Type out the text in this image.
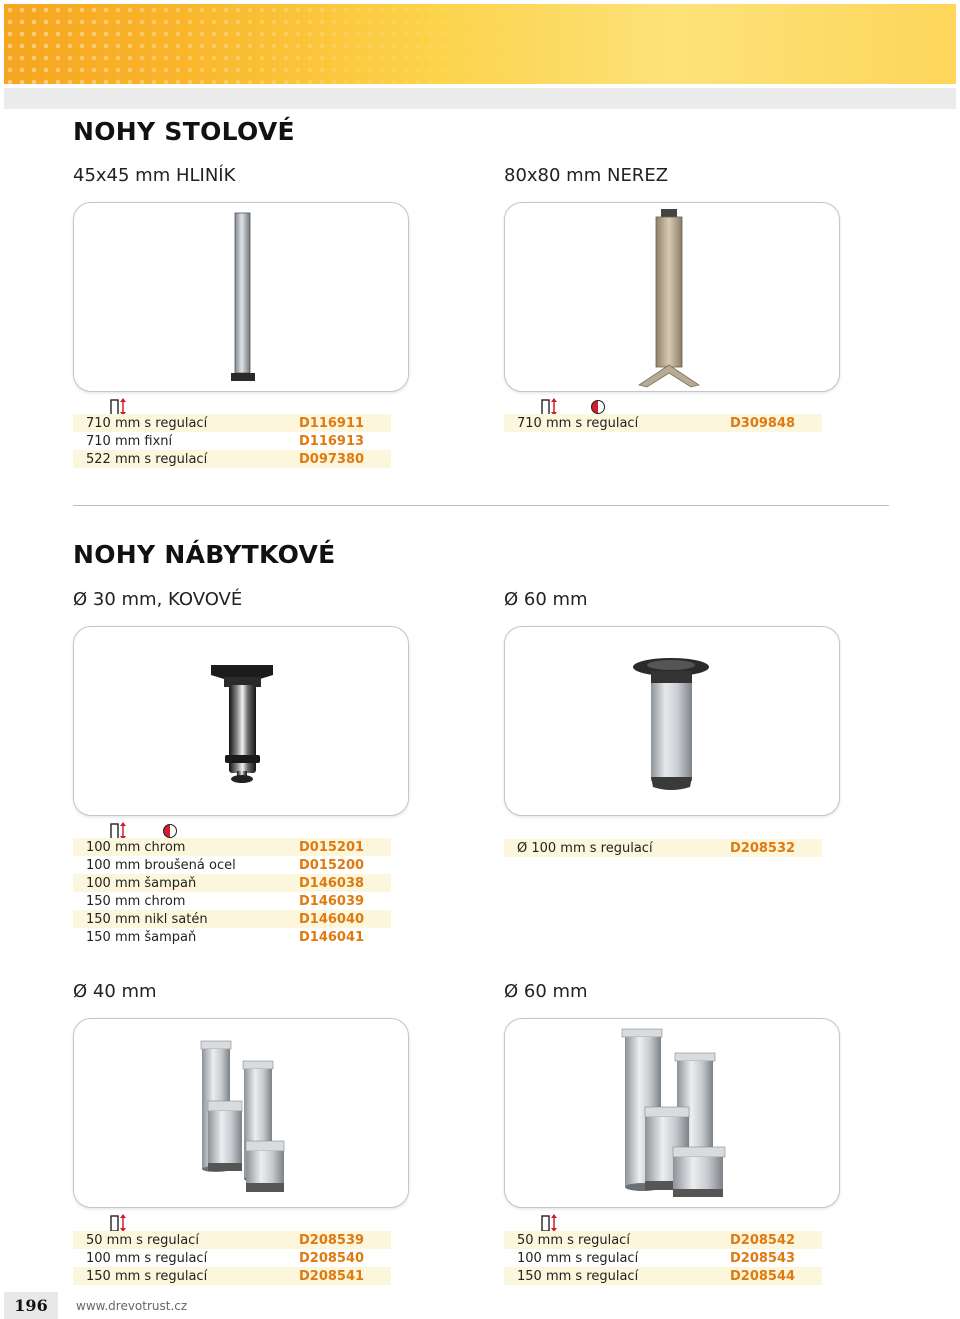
NOHY STOLOVÉ
45x45 mm HLINÍK	80x80 mm NEREZ
710 mm s regulací	D116911
710 mm fixní	D116913
522 mm s regulací	D097380
710 mm s regulací	D309848
NOHY NÁBYTKOVÉ
Ø 30 mm, KOVOVÉ	Ø 60 mm
100 mm chrom	D015201
100 mm broušená ocel	D015200
100 mm šampaň	D146038
150 mm chrom	D146039
150 mm nikl satén	D146040
150 mm šampaň	D146041
Ø 100 mm s regulací	D208532
Ø 40 mm	Ø 60 mm
50 mm s regulací	D208539
100 mm s regulací	D208540
150 mm s regulací	D208541
50 mm s regulací	D208542
100 mm s regulací	D208543
150 mm s regulací	D208544
196	www.drevotrust.cz
